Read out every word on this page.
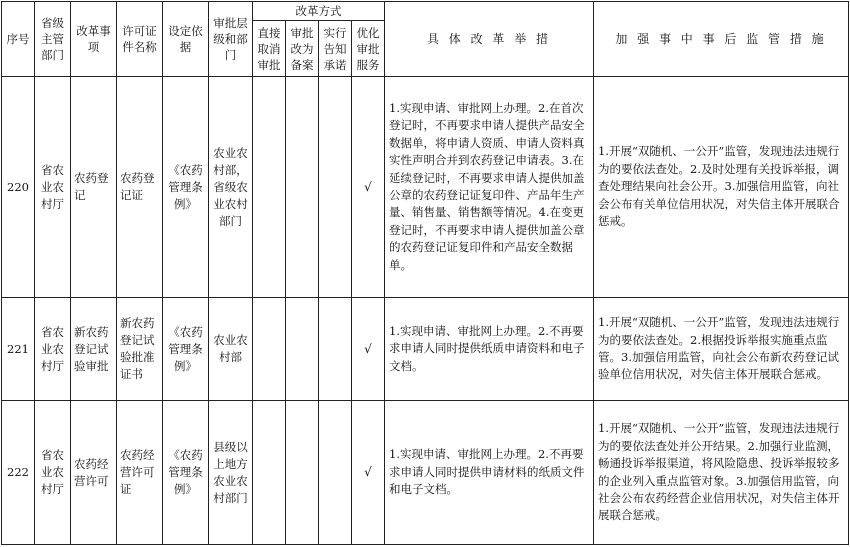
序号	省级主管部门	改革事项	许可证件名称	设定依据	审批层级和部门	改革方式				具 体 改 革 举 措	加 强 事 中 事 后 监 管 措 施
						直接取消审批	审批改为备案	实行告知承诺	优化审批服务		
220	省农业农村厅	农药登记	农药登记证	《农药管理条例》	农业农村部，省级农业农村部门				√	1.实现申请、审批网上办理。2.在首次登记时，不再要求申请人提供产品安全数据单，将申请人资质、申请人资料真实性声明合并到农药登记申请表。3.在延续登记时，不再要求申请人提供加盖公章的农药登记证复印件、产品年生产量、销售量、销售额等情况。4.在变更登记时，不再要求申请人提供加盖公章的农药登记证复印件和产品安全数据单。	1.开展“双随机、一公开”监管，发现违法违规行为的要依法查处。2.及时处理有关投诉举报，调查处理结果向社会公开。3.加强信用监管，向社会公布有关单位信用状况，对失信主体开展联合惩戒。
221	省农业农村厅	新农药登记试验审批	新农药登记试验批准证书	《农药管理条例》	农业农村部				√	1.实现申请、审批网上办理。2.不再要求申请人同时提供纸质申请资料和电子文档。	1.开展“双随机、一公开”监管，发现违法违规行为的要依法查处。2.根据投诉举报实施重点监管。3.加强信用监管，向社会公布新农药登记试验单位信用状况，对失信主体开展联合惩戒。
222	省农业农村厅	农药经营许可	农药经营许可证	《农药管理条例》	县级以上地方农业农村部门				√	1.实现申请、审批网上办理。2.不再要求申请人同时提供申请材料的纸质文件和电子文档。	1.开展“双随机、一公开”监管，发现违法违规行为的要依法查处并公开结果。2.加强行业监测，畅通投诉举报渠道，将风险隐患、投诉举报较多的企业列入重点监管对象。3.加强信用监管，向社会公布农药经营企业信用状况，对失信主体开展联合惩戒。
